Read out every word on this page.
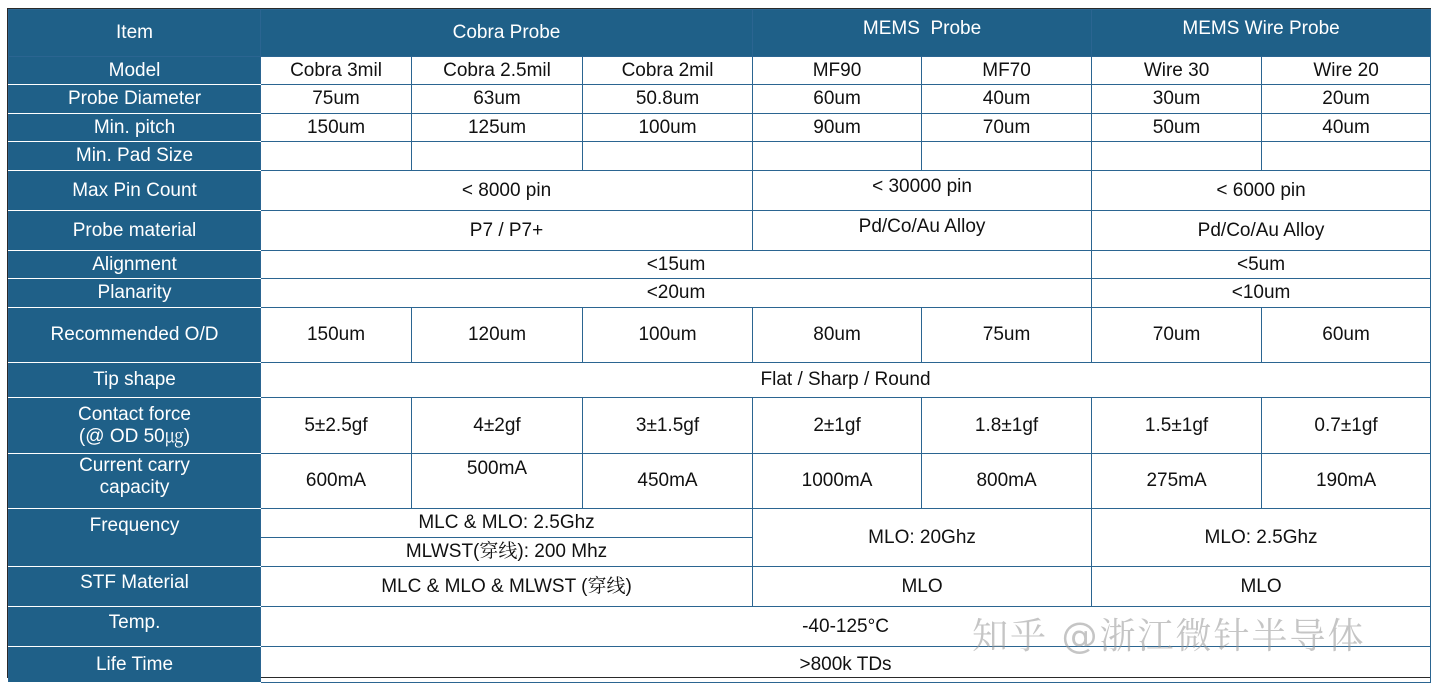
Item	Cobra Probe			MEMS  Probe		MEMS Wire Probe	
Model	Cobra 3mil	Cobra 2.5mil	Cobra 2mil	MF90	MF70	Wire 30	Wire 20
Probe Diameter	75um	63um	50.8um	60um	40um	30um	20um
Min. pitch	150um	125um	100um	90um	70um	50um	40um
Min. Pad Size							
Max Pin Count	< 8000 pin			< 30000 pin		< 6000 pin	
Probe material	P7 / P7+			Pd/Co/Au Alloy		Pd/Co/Au Alloy	
Alignment	<15um					<5um	
Planarity	<20um					<10um	
Recommended O/D	150um	120um	100um	80um	75um	70um	60um
Tip shape	Flat / Sharp / Round						
Contact force
(@ OD 50㎍)	5±2.5gf	4±2gf	3±1.5gf	2±1gf	1.8±1gf	1.5±1gf	0.7±1gf
Current carry
capacity	600mA	500mA	450mA	1000mA	800mA	275mA	190mA
Frequency	MLC & MLO: 2.5Ghz			MLO: 20Ghz		MLO: 2.5Ghz	
	MLWST(穿线): 200 Mhz						
STF Material	MLC & MLO & MLWST (穿线)			MLO		MLO	
Temp.	-40-125°C						
Life Time	>800k TDs						
知乎 @浙江微针半导体
